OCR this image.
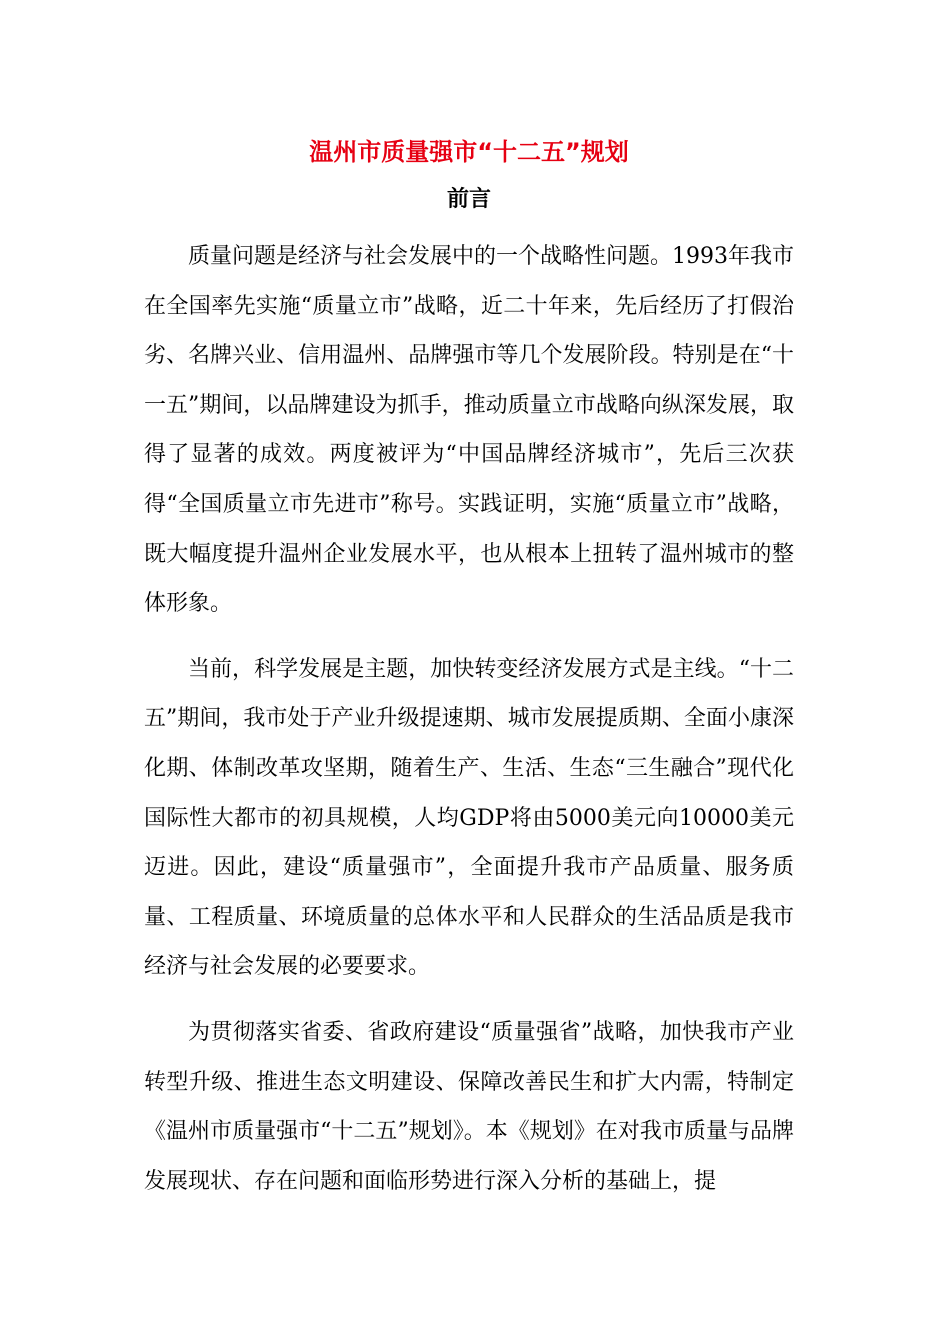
温州市质量强市“十二五”规划
前言

质量问题是经济与社会发展中的一个战略性问题。1993年我市在全国率先实施“质量立市”战略，近二十年来，先后经历了打假治劣、名牌兴业、信用温州、品牌强市等几个发展阶段。特别是在“十一五”期间，以品牌建设为抓手，推动质量立市战略向纵深发展，取得了显著的成效。两度被评为“中国品牌经济城市”，先后三次获得“全国质量立市先进市”称号。实践证明，实施“质量立市”战略，既大幅度提升温州企业发展水平，也从根本上扭转了温州城市的整体形象。

当前，科学发展是主题，加快转变经济发展方式是主线。“十二五”期间，我市处于产业升级提速期、城市发展提质期、全面小康深化期、体制改革攻坚期，随着生产、生活、生态“三生融合”现代化国际性大都市的初具规模，人均GDP将由5000美元向10000美元迈进。因此，建设“质量强市”，全面提升我市产品质量、服务质量、工程质量、环境质量的总体水平和人民群众的生活品质是我市经济与社会发展的必要要求。

为贯彻落实省委、省政府建设“质量强省”战略，加快我市产业转型升级、推进生态文明建设、保障改善民生和扩大内需，特制定《温州市质量强市“十二五”规划》。本《规划》在对我市质量与品牌发展现状、存在问题和面临形势进行深入分析的基础上，提
